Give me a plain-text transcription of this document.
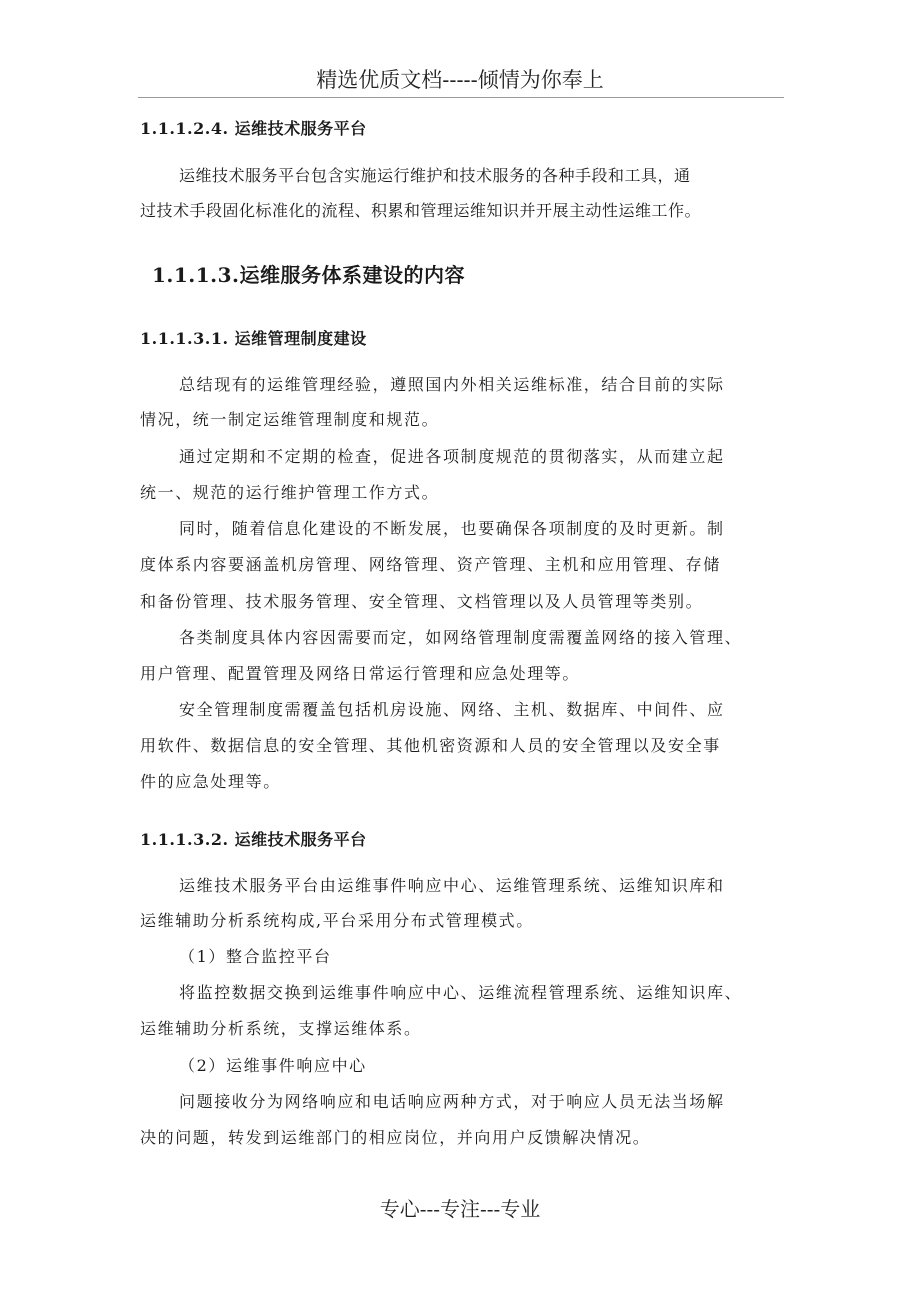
精选优质文档-----倾情为你奉上
1.1.1.2.4. 运维技术服务平台
运维技术服务平台包含实施运行维护和技术服务的各种手段和工具，通
过技术手段固化标准化的流程、积累和管理运维知识并开展主动性运维工作。
1.1.1.3.运维服务体系建设的内容
1.1.1.3.1. 运维管理制度建设
总结现有的运维管理经验，遵照国内外相关运维标准，结合目前的实际
情况，统一制定运维管理制度和规范。
通过定期和不定期的检查，促进各项制度规范的贯彻落实，从而建立起
统一、规范的运行维护管理工作方式。
同时，随着信息化建设的不断发展，也要确保各项制度的及时更新。制
度体系内容要涵盖机房管理、网络管理、资产管理、主机和应用管理、存储
和备份管理、技术服务管理、安全管理、文档管理以及人员管理等类别。
各类制度具体内容因需要而定，如网络管理制度需覆盖网络的接入管理、
用户管理、配置管理及网络日常运行管理和应急处理等。
安全管理制度需覆盖包括机房设施、网络、主机、数据库、中间件、应
用软件、数据信息的安全管理、其他机密资源和人员的安全管理以及安全事
件的应急处理等。
1.1.1.3.2. 运维技术服务平台
运维技术服务平台由运维事件响应中心、运维管理系统、运维知识库和
运维辅助分析系统构成,平台采用分布式管理模式。
（1）整合监控平台
将监控数据交换到运维事件响应中心、运维流程管理系统、运维知识库、
运维辅助分析系统，支撑运维体系。
（2）运维事件响应中心
问题接收分为网络响应和电话响应两种方式，对于响应人员无法当场解
决的问题，转发到运维部门的相应岗位，并向用户反馈解决情况。
专心---专注---专业
